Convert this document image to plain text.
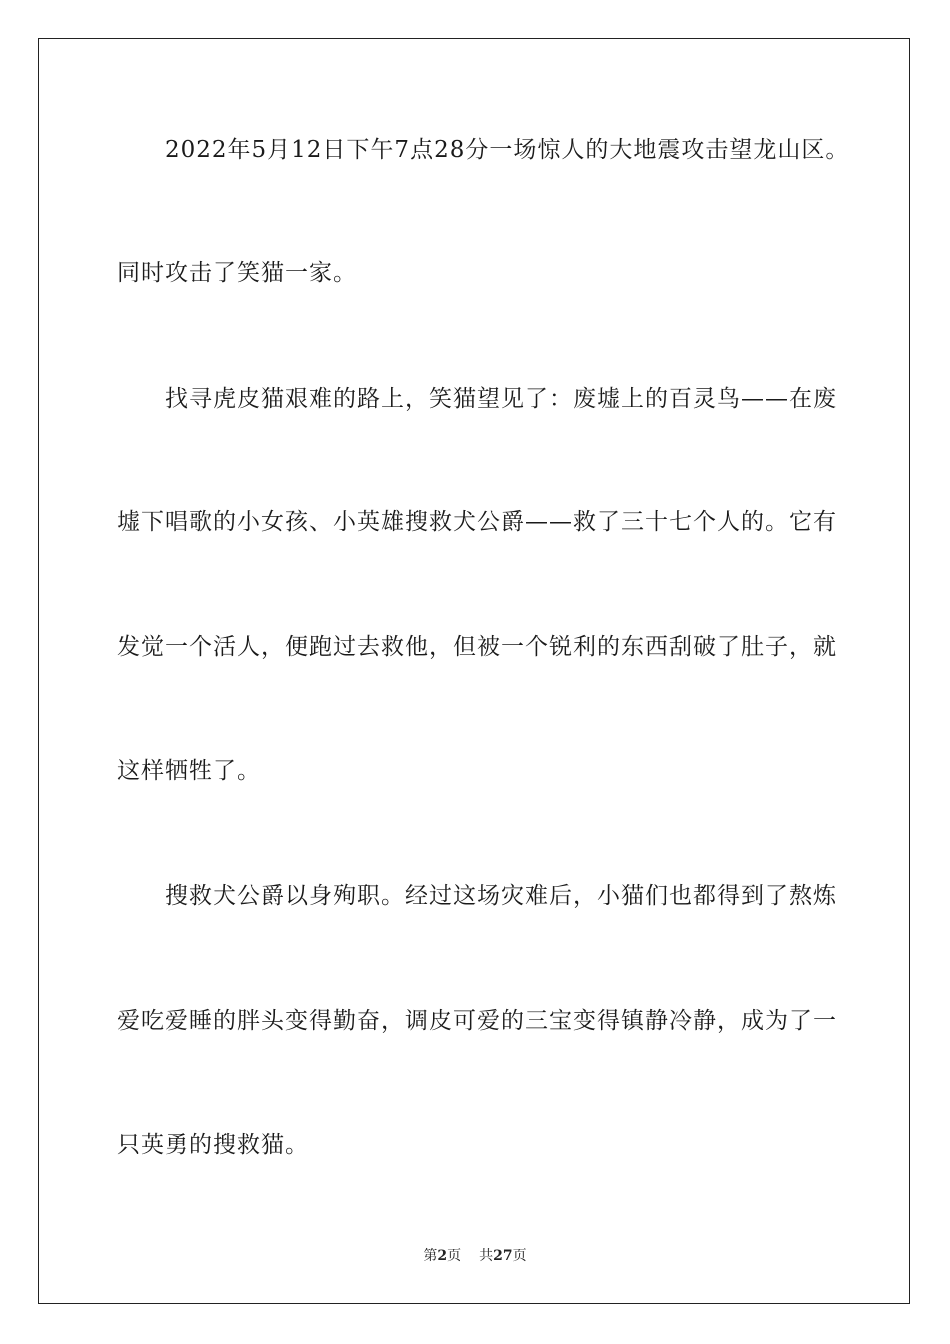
2022年5月12日下午7点28分一场惊人的大地震攻击望龙山区。
同时攻击了笑猫一家。
找寻虎皮猫艰难的路上，笑猫望见了：废墟上的百灵鸟——在废
墟下唱歌的小女孩、小英雄搜救犬公爵——救了三十七个人的。它有
发觉一个活人，便跑过去救他，但被一个锐利的东西刮破了肚子，就
这样牺牲了。
搜救犬公爵以身殉职。经过这场灾难后，小猫们也都得到了熬炼
爱吃爱睡的胖头变得勤奋，调皮可爱的三宝变得镇静冷静，成为了一
只英勇的搜救猫。
第2页 共27页
